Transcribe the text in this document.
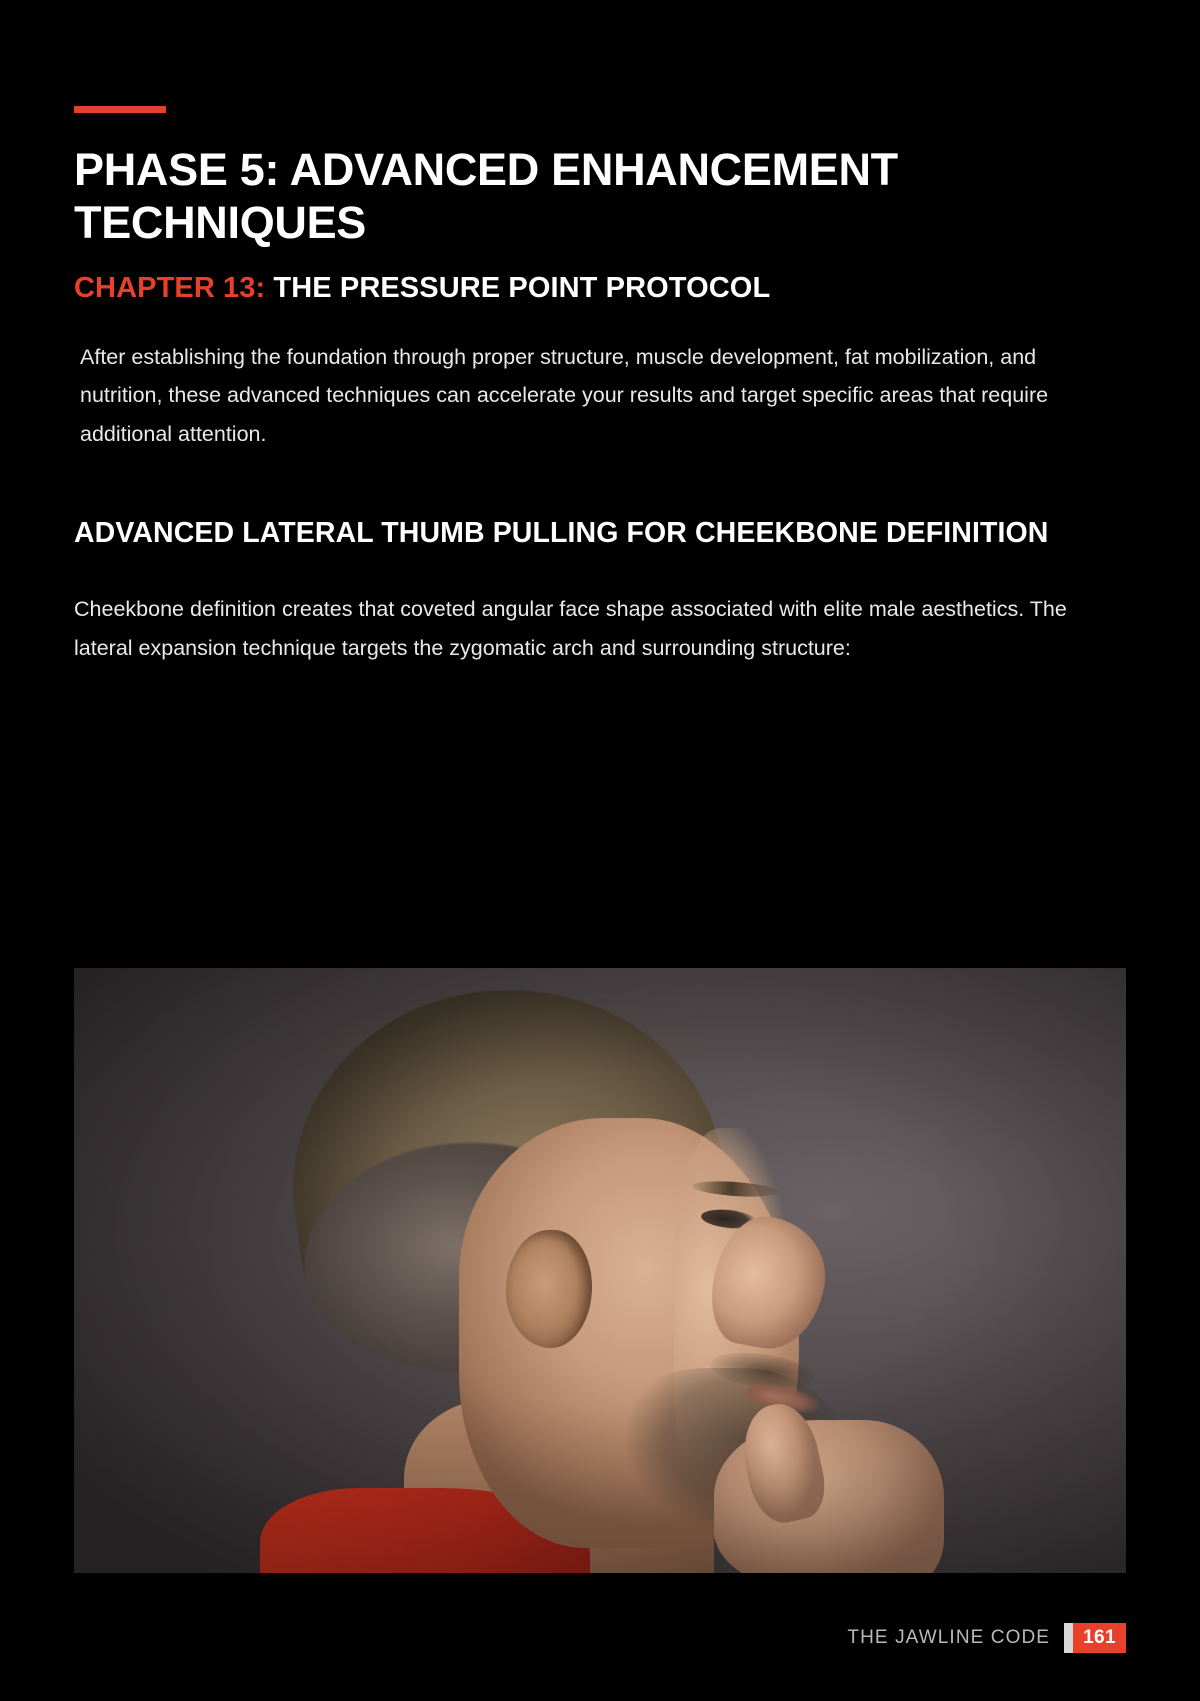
PHASE 5: ADVANCED ENHANCEMENT TECHNIQUES
CHAPTER 13: THE PRESSURE POINT PROTOCOL

After establishing the foundation through proper structure, muscle development, fat mobilization, and nutrition, these advanced techniques can accelerate your results and target specific areas that require additional attention.

ADVANCED LATERAL THUMB PULLING FOR CHEEKBONE DEFINITION

Cheekbone definition creates that coveted angular face shape associated with elite male aesthetics. The lateral expansion technique targets the zygomatic arch and surrounding structure:

THE JAWLINE CODE	161
